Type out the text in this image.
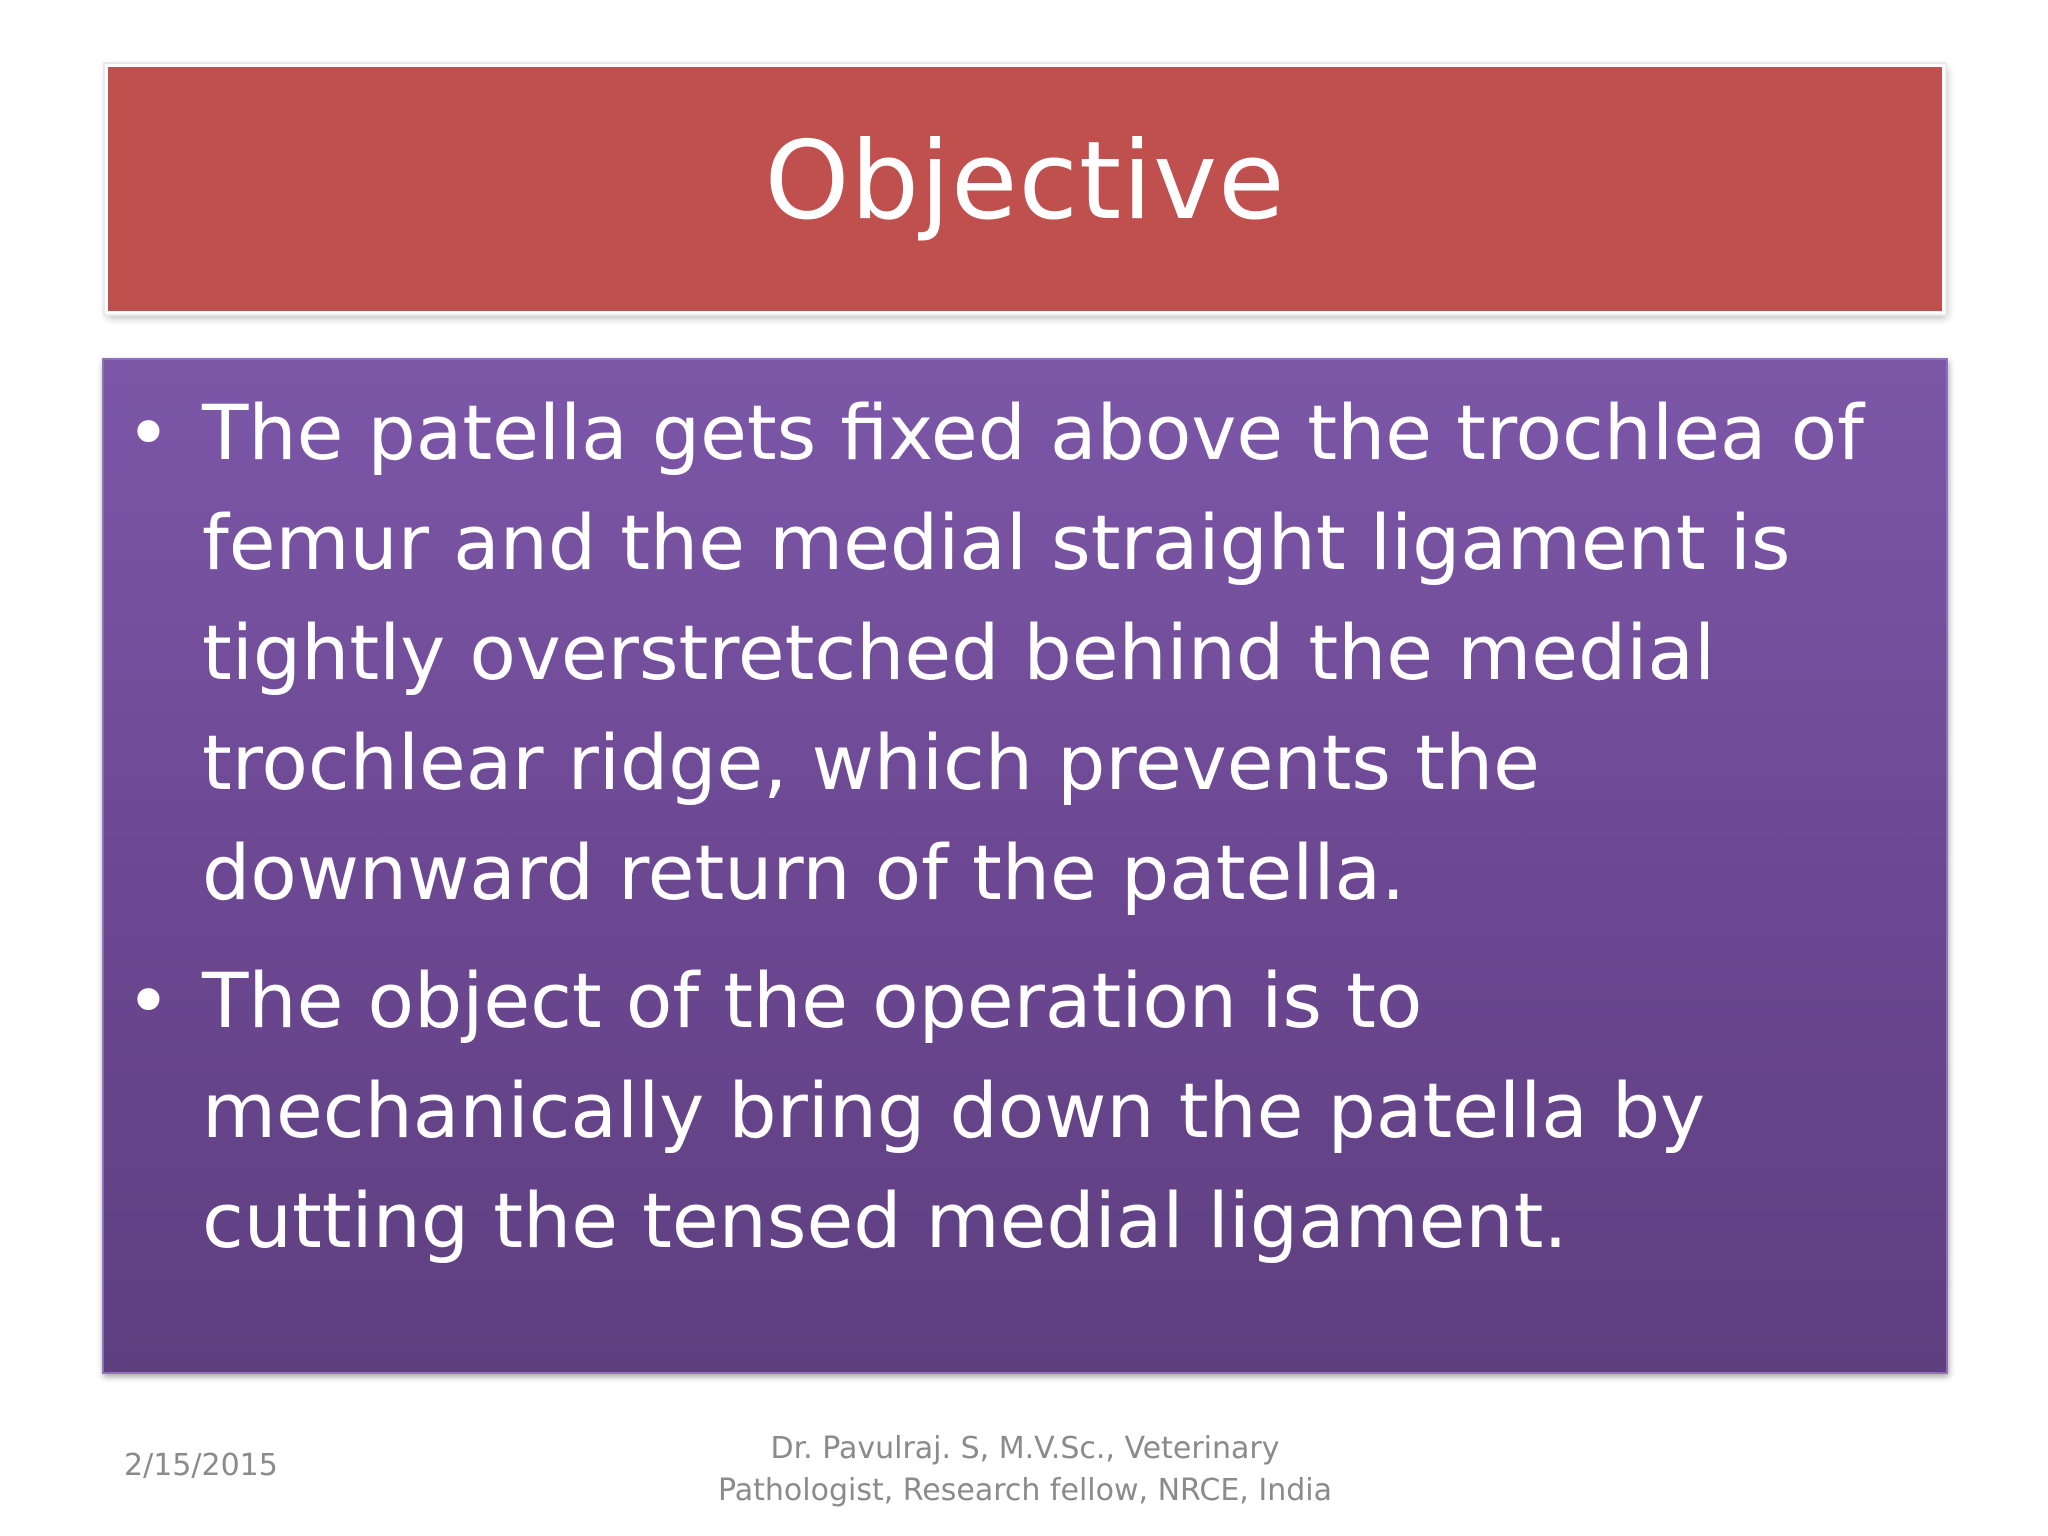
Objective
• The patella gets fixed above the trochlea of femur and the medial straight ligament is tightly overstretched behind the medial trochlear ridge, which prevents the downward return of the patella.
• The object of the operation is to mechanically bring down the patella by cutting the tensed medial ligament.
2/15/2015	Dr. Pavulraj. S, M.V.Sc., Veterinary
Pathologist, Research fellow, NRCE, India
